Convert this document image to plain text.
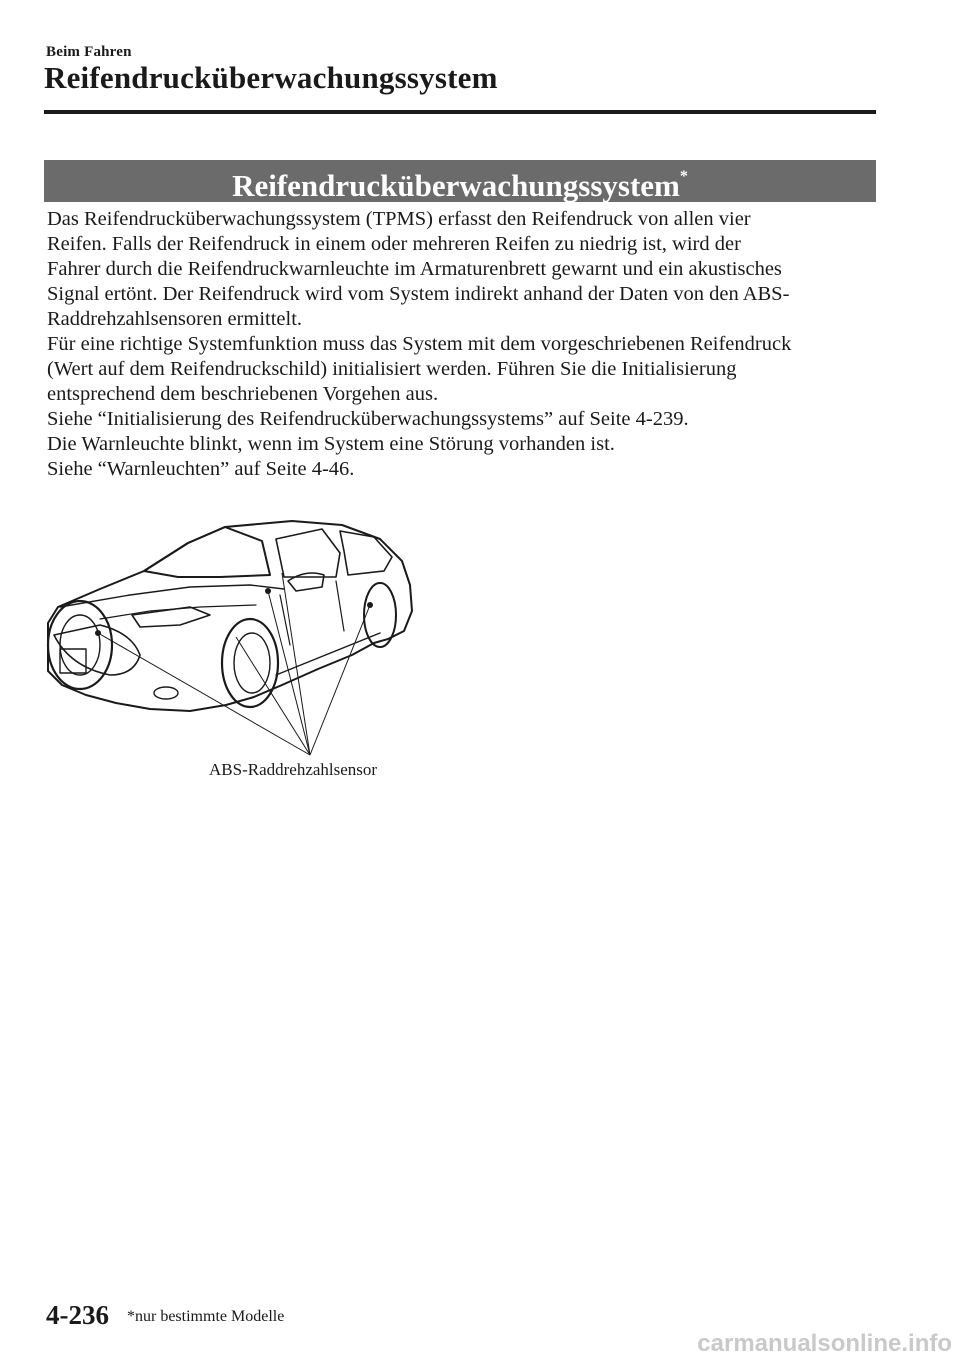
Beim Fahren
Reifendrucküberwachungssystem
Reifendrucküberwachungssystem*
Das Reifendrucküberwachungssystem (TPMS) erfasst den Reifendruck von allen vier
Reifen. Falls der Reifendruck in einem oder mehreren Reifen zu niedrig ist, wird der
Fahrer durch die Reifendruckwarnleuchte im Armaturenbrett gewarnt und ein akustisches
Signal ertönt. Der Reifendruck wird vom System indirekt anhand der Daten von den ABS-
Raddrehzahlsensoren ermittelt.
Für eine richtige Systemfunktion muss das System mit dem vorgeschriebenen Reifendruck
(Wert auf dem Reifendruckschild) initialisiert werden. Führen Sie die Initialisierung
entsprechend dem beschriebenen Vorgehen aus.
Siehe “Initialisierung des Reifendrucküberwachungssystems” auf Seite 4-239.
Die Warnleuchte blinkt, wenn im System eine Störung vorhanden ist.
Siehe “Warnleuchten” auf Seite 4-46.
ABS-Raddrehzahlsensor
4-236 *nur bestimmte Modelle
carmanualsonline.info
